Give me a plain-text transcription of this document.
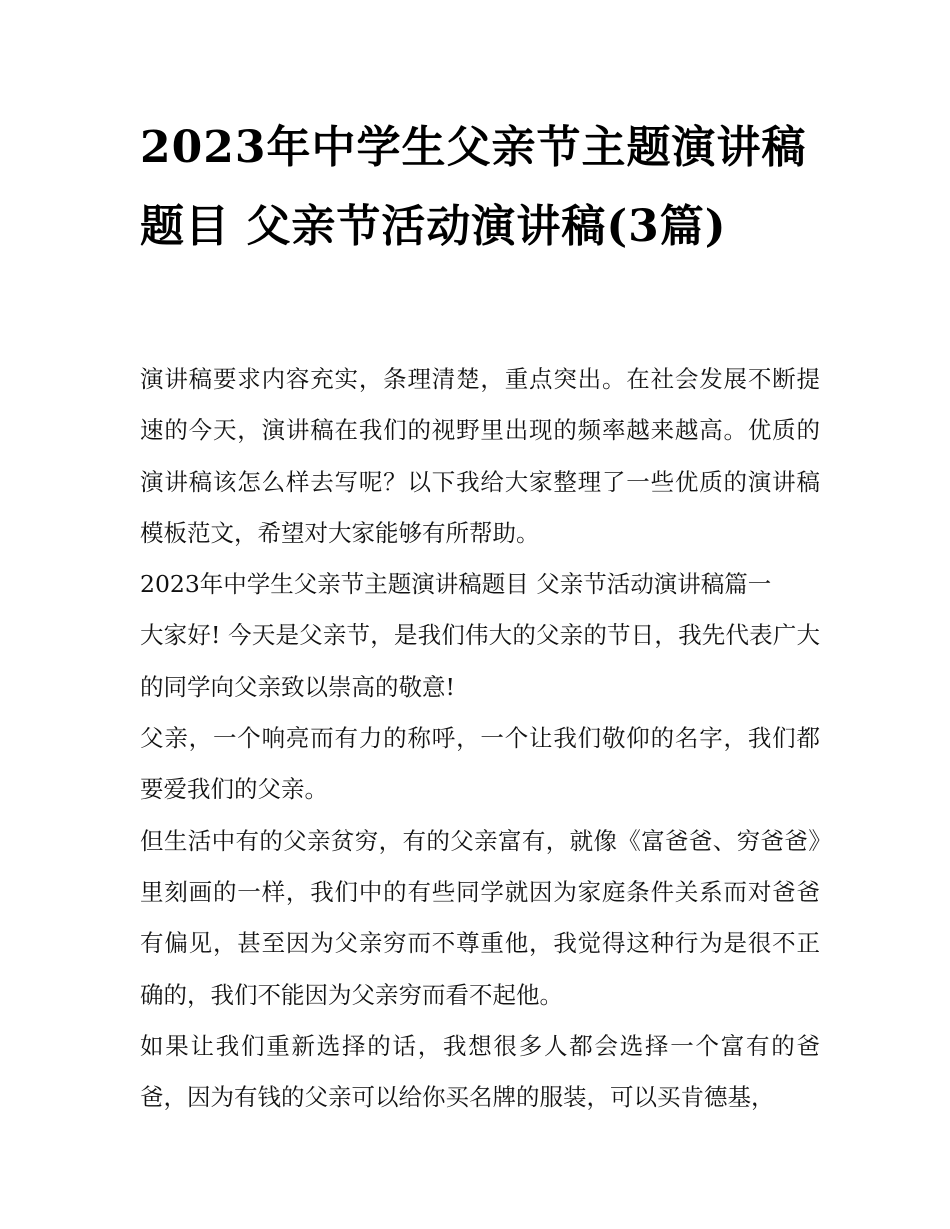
2023年中学生父亲节主题演讲稿题目 父亲节活动演讲稿(3篇)

演讲稿要求内容充实，条理清楚，重点突出。在社会发展不断提速的今天，演讲稿在我们的视野里出现的频率越来越高。优质的演讲稿该怎么样去写呢？以下我给大家整理了一些优质的演讲稿模板范文，希望对大家能够有所帮助。

2023年中学生父亲节主题演讲稿题目 父亲节活动演讲稿篇一

大家好! 今天是父亲节，是我们伟大的父亲的节日，我先代表广大的同学向父亲致以崇高的敬意!

父亲，一个响亮而有力的称呼，一个让我们敬仰的名字，我们都要爱我们的父亲。

但生活中有的父亲贫穷，有的父亲富有，就像《富爸爸、穷爸爸》里刻画的一样，我们中的有些同学就因为家庭条件关系而对爸爸有偏见，甚至因为父亲穷而不尊重他，我觉得这种行为是很不正确的，我们不能因为父亲穷而看不起他。

如果让我们重新选择的话，我想很多人都会选择一个富有的爸爸，因为有钱的父亲可以给你买名牌的服装，可以买肯德基，
